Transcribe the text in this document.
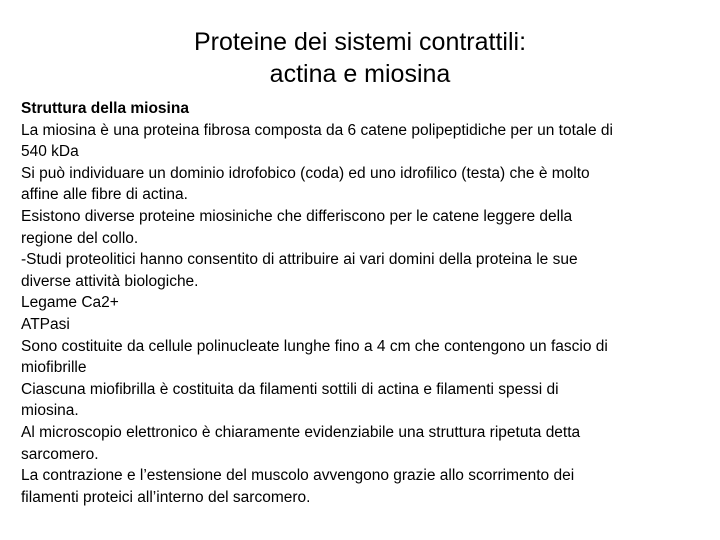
Proteine dei sistemi contrattili:
actina e miosina
Struttura della miosina
La miosina è una proteina fibrosa composta da 6 catene polipeptidiche per un totale di
540 kDa
Si può individuare un dominio idrofobico (coda) ed uno idrofilico (testa) che è molto
affine alle fibre di actina.
Esistono diverse proteine miosiniche che differiscono per le catene leggere della
regione del collo.
-Studi proteolitici hanno consentito di attribuire ai vari domini della proteina le sue
diverse attività biologiche.
Legame Ca2+
ATPasi
Sono costituite da cellule polinucleate lunghe fino a 4 cm che contengono un fascio di
miofibrille
Ciascuna miofibrilla è costituita da filamenti sottili di actina e filamenti spessi di
miosina.
Al microscopio elettronico è chiaramente evidenziabile una struttura ripetuta detta
sarcomero.
La contrazione e l’estensione del muscolo avvengono grazie allo scorrimento dei
filamenti proteici all’interno del sarcomero.
